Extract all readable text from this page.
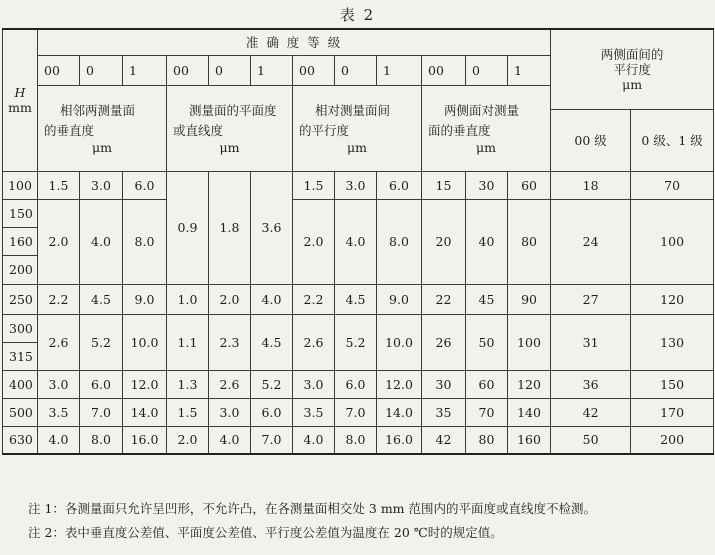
表 2
H
mm	准 确 度 等 级												两侧面间的
平行度
μm	
	00	0	1	00	0	1	00	0	1	00	0	1		

	相邻两测量面
的垂直度
μm			测量面的平面度
或直线度
μm			相对测量面间
的平行度
μm			两侧面对测量
面的垂直度
μm				

													00 级	0 级、1 级

100	1.5	3.0	6.0	0.9	1.8	3.6	1.5	3.0	6.0	15	30	60	18	70
150	2.0	4.0	8.0				2.0	4.0	8.0	20	40	80	24	100
160														
200														
250	2.2	4.5	9.0	1.0	2.0	4.0	2.2	4.5	9.0	22	45	90	27	120
300	2.6	5.2	10.0	1.1	2.3	4.5	2.6	5.2	10.0	26	50	100	31	130
315														
400	3.0	6.0	12.0	1.3	2.6	5.2	3.0	6.0	12.0	30	60	120	36	150
500	3.5	7.0	14.0	1.5	3.0	6.0	3.5	7.0	14.0	35	70	140	42	170
630	4.0	8.0	16.0	2.0	4.0	7.0	4.0	8.0	16.0	42	80	160	50	200
注 1：各测量面只允许呈凹形，不允许凸，在各测量面相交处 3 mm 范围内的平面度或直线度不检测。
注 2：表中垂直度公差值、平面度公差值、平行度公差值为温度在 20 ℃时的规定值。
